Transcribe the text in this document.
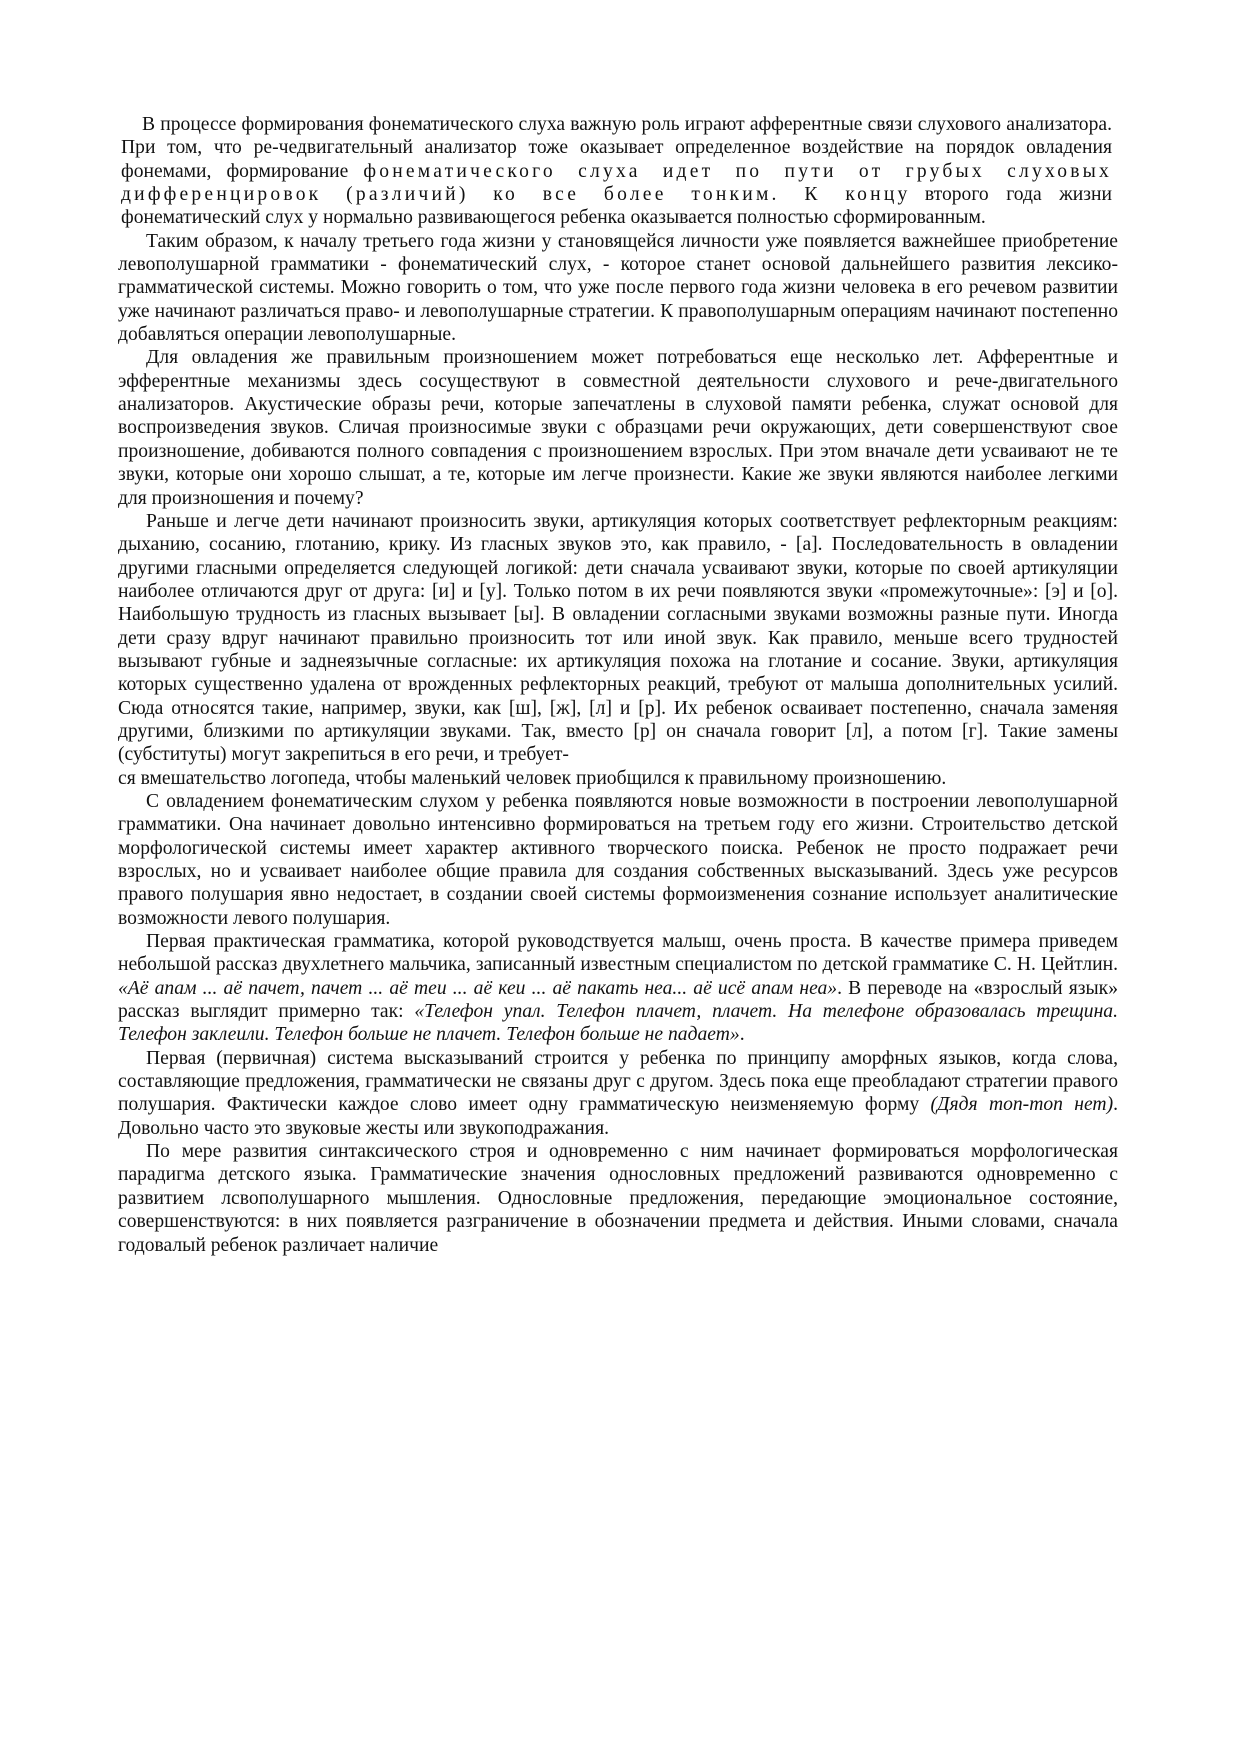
В процессе формирования фонематического слуха важную роль играют афферентные связи слухового анализатора. При том, что ре-чедвигательный анализатор тоже оказывает определенное воздействие на порядок овладения фонемами, формирование фонематического слуха идет по пути от грубых слуховых дифференцировок (различий) ко все более тонким. К концу второго года жизни фонематический слух у нормально развивающегося ребенка оказывается полностью сформированным.

Таким образом, к началу третьего года жизни у становящейся личности уже появляется важнейшее приобретение левополушарной грамматики - фонематический слух, - которое станет основой дальнейшего развития лексико-грамматической системы. Можно говорить о том, что уже после первого года жизни человека в его речевом развитии уже начинают различаться право- и левополушарные стратегии. К правополушарным операциям начинают постепенно добавляться операции левополушарные.

Для овладения же правильным произношением может потребоваться еще несколько лет. Афферентные и эфферентные механизмы здесь сосуществуют в совместной деятельности слухового и рече-двигательного анализаторов. Акустические образы речи, которые запечатлены в слуховой памяти ребенка, служат основой для воспроизведения звуков. Сличая произносимые звуки с образцами речи окружающих, дети совершенствуют свое произношение, добиваются полного совпадения с произношением взрослых. При этом вначале дети усваивают не те звуки, которые они хорошо слышат, а те, которые им легче произнести. Какие же звуки являются наиболее легкими для произношения и почему?

Раньше и легче дети начинают произносить звуки, артикуляция которых соответствует рефлекторным реакциям: дыханию, сосанию, глотанию, крику. Из гласных звуков это, как правило, - [а]. Последовательность в овладении другими гласными определяется следующей логикой: дети сначала усваивают звуки, которые по своей артикуляции наиболее отличаются друг от друга: [и] и [у]. Только потом в их речи появляются звуки «промежуточные»: [э] и [о]. Наибольшую трудность из гласных вызывает [ы]. В овладении согласными звуками возможны разные пути. Иногда дети сразу вдруг начинают правильно произносить тот или иной звук. Как правило, меньше всего трудностей вызывают губные и заднеязычные согласные: их артикуляция похожа на глотание и сосание. Звуки, артикуляция которых существенно удалена от врожденных рефлекторных реакций, требуют от малыша дополнительных усилий. Сюда относятся такие, например, звуки, как [ш], [ж], [л] и [р]. Их ребенок осваивает постепенно, сначала заменяя другими, близкими по артикуляции звуками. Так, вместо [р] он сначала говорит [л], а потом [г]. Такие замены (субституты) могут закрепиться в его речи, и требует-

ся вмешательство логопеда, чтобы маленький человек приобщился к правильному произношению.

С овладением фонематическим слухом у ребенка появляются новые возможности в построении левополушарной грамматики. Она начинает довольно интенсивно формироваться на третьем году его жизни. Строительство детской морфологической системы имеет характер активного творческого поиска. Ребенок не просто подражает речи взрослых, но и усваивает наиболее общие правила для создания собственных высказываний. Здесь уже ресурсов правого полушария явно недостает, в создании своей системы формоизменения сознание использует аналитические возможности левого полушария.

Первая практическая грамматика, которой руководствуется малыш, очень проста. В качестве примера приведем небольшой рассказ двухлетнего мальчика, записанный известным специалистом по детской грамматике С. Н. Цейтлин. «Аё апам ... аё пачет, пачет ... аё теи ... аё кеи ... аё пакать неа... аё исё апам неа». В переводе на «взрослый язык» рассказ выглядит примерно так: «Телефон упал. Телефон плачет, плачет. На телефоне образовалась трещина. Телефон заклеили. Телефон больше не плачет. Телефон больше не падает».

Первая (первичная) система высказываний строится у ребенка по принципу аморфных языков, когда слова, составляющие предложения, грамматически не связаны друг с другом. Здесь пока еще преобладают стратегии правого полушария. Фактически каждое слово имеет одну грамматическую неизменяемую форму (Дядя топ-топ нет). Довольно часто это звуковые жесты или звукоподражания.

По мере развития синтаксического строя и одновременно с ним начинает формироваться морфологическая парадигма детского языка. Грамматические значения однословных предложений развиваются одновременно с развитием лсвополушарного мышления. Однословные предложения, передающие эмоциональное состояние, совершенствуются: в них появляется разграничение в обозначении предмета и действия. Иными словами, сначала годовалый ребенок различает наличие
